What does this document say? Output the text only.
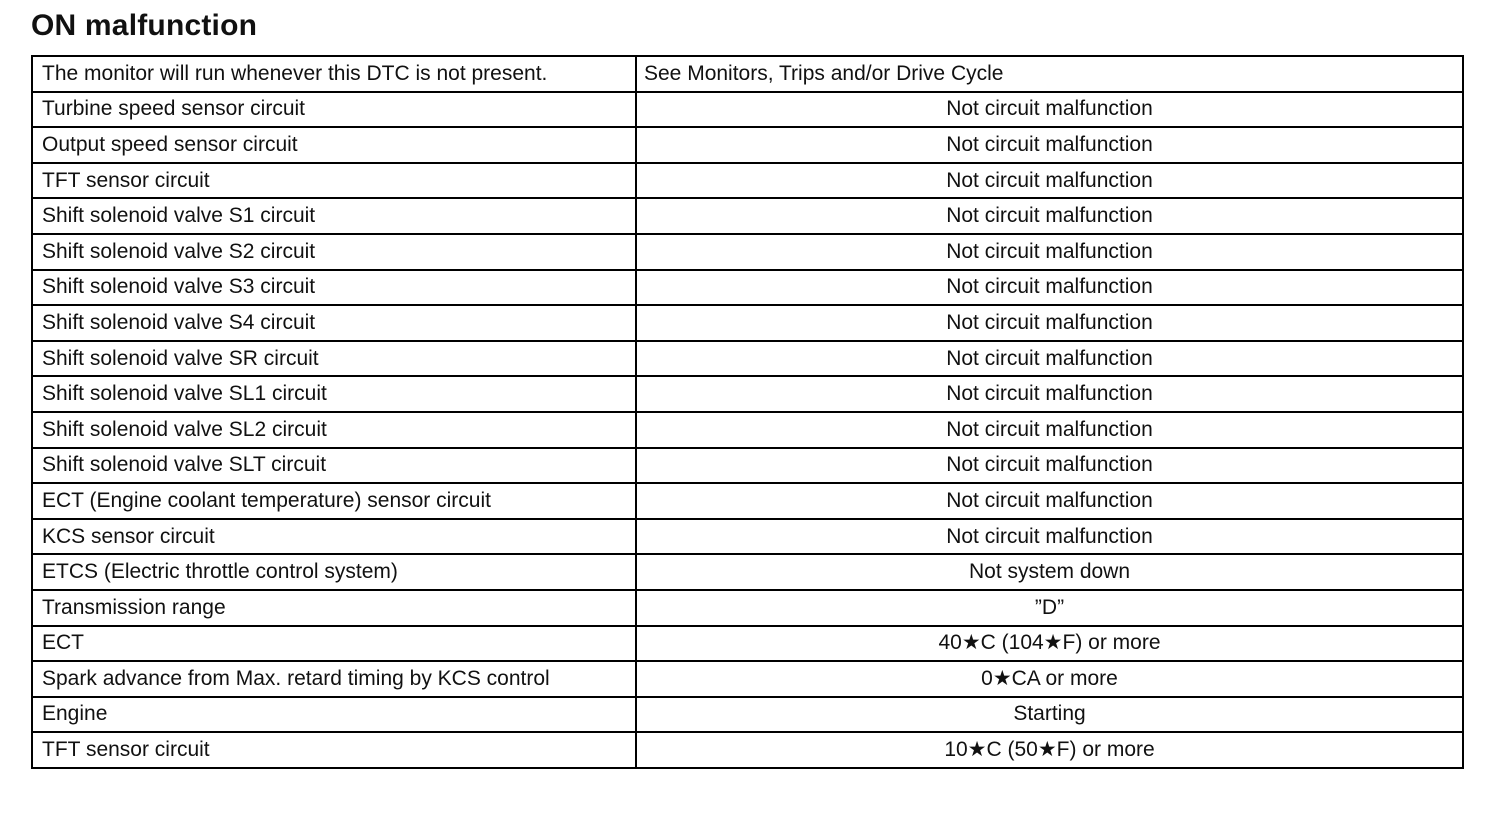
ON malfunction
The monitor will run whenever this DTC is not present.	See Monitors, Trips and/or Drive Cycle
Turbine speed sensor circuit	Not circuit malfunction
Output speed sensor circuit	Not circuit malfunction
TFT sensor circuit	Not circuit malfunction
Shift solenoid valve S1 circuit	Not circuit malfunction
Shift solenoid valve S2 circuit	Not circuit malfunction
Shift solenoid valve S3 circuit	Not circuit malfunction
Shift solenoid valve S4 circuit	Not circuit malfunction
Shift solenoid valve SR circuit	Not circuit malfunction
Shift solenoid valve SL1 circuit	Not circuit malfunction
Shift solenoid valve SL2 circuit	Not circuit malfunction
Shift solenoid valve SLT circuit	Not circuit malfunction
ECT (Engine coolant temperature) sensor circuit	Not circuit malfunction
KCS sensor circuit	Not circuit malfunction
ETCS (Electric throttle control system)	Not system down
Transmission range	”D”
ECT	40★C (104★F) or more
Spark advance from Max. retard timing by KCS control	0★CA or more
Engine	Starting
TFT sensor circuit	10★C (50★F) or more
